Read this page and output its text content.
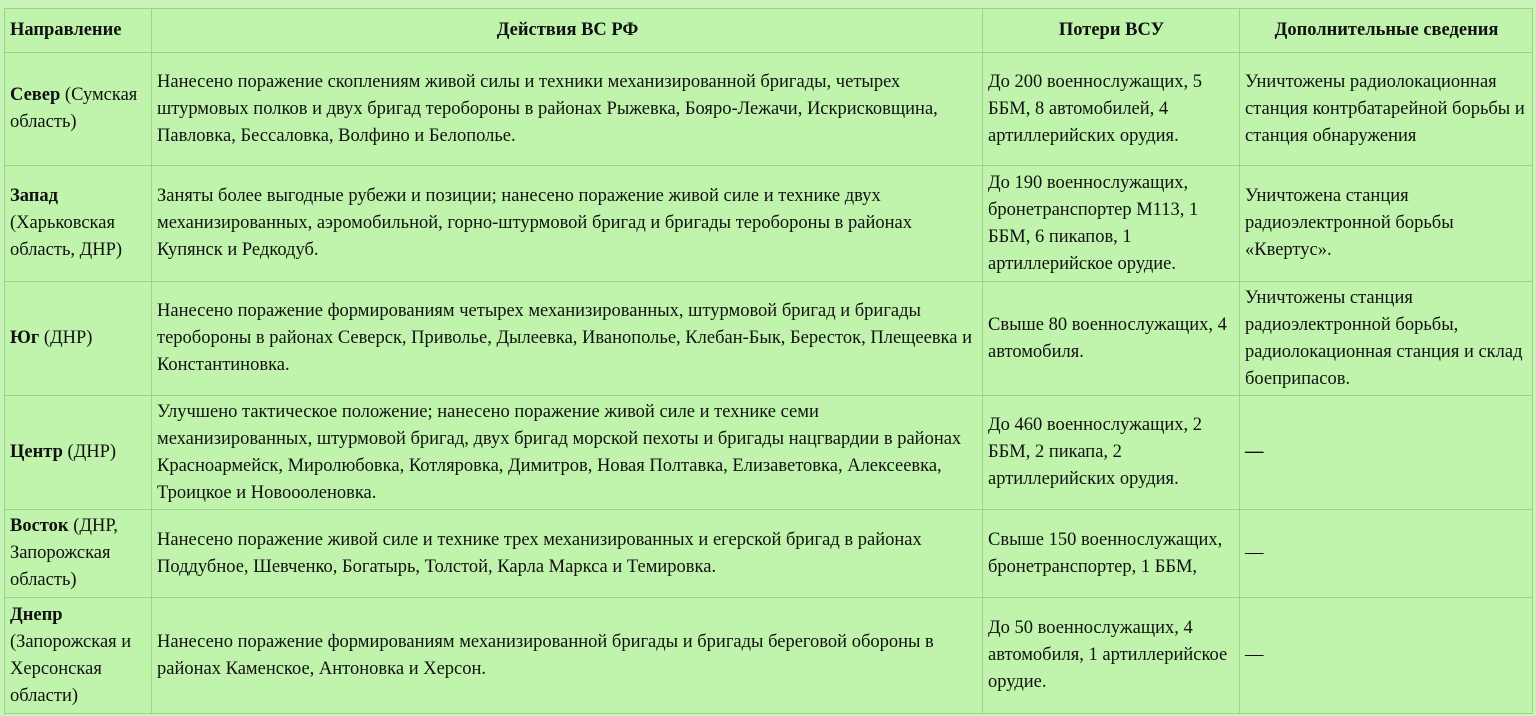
Направление	Действия ВС РФ	Потери ВСУ	Дополнительные сведения
Север (Сумская область)	Нанесено поражение скоплениям живой силы и техники механизированной бригады, четырех штурмовых полков и двух бригад теробороны в районах Рыжевка, Бояро-Лежачи, Искрисковщина, Павловка, Бессаловка, Волфино и Белополье.	До 200 военнослужащих, 5 ББМ, 8 автомобилей, 4 артиллерийских орудия.	Уничтожены радиолокационная станция контрбатарейной борьбы и станция обнаружения
Запад (Харьковская область, ДНР)	Заняты более выгодные рубежи и позиции; нанесено поражение живой силе и технике двух механизированных, аэромобильной, горно-штурмовой бригад и бригады теробороны в районах Купянск и Редкодуб.	До 190 военнослужащих, бронетранспортер М113, 1 ББМ, 6 пикапов, 1 артиллерийское орудие.	Уничтожена станция радиоэлектронной борьбы «Квертус».
Юг (ДНР)	Нанесено поражение формированиям четырех механизированных, штурмовой бригад и бригады теробороны в районах Северск, Приволье, Дылеевка, Иванополье, Клебан-Бык, Бересток, Плещеевка и Константиновка.	Свыше 80 военнослужащих, 4 автомобиля.	Уничтожены станция радиоэлектронной борьбы, радиолокационная станция и склад боеприпасов.
Центр (ДНР)	Улучшено тактическое положение; нанесено поражение живой силе и технике семи механизированных, штурмовой бригад, двух бригад морской пехоты и бригады нацгвардии в районах Красноармейск, Миролюбовка, Котляровка, Димитров, Новая Полтавка, Елизаветовка, Алексеевка, Троицкое и Новоооленовка.	До 460 военнослужащих, 2 ББМ, 2 пикапа, 2 артиллерийских орудия.	—
Восток (ДНР, Запорожская область)	Нанесено поражение живой силе и технике трех механизированных и егерской бригад в районах Поддубное, Шевченко, Богатырь, Толстой, Карла Маркса и Темировка.	Свыше 150 военнослужащих, бронетранспортер, 1 ББМ,	—
Днепр (Запорожская и Херсонская области)	Нанесено поражение формированиям механизированной бригады и бригады береговой обороны в районах Каменское, Антоновка и Херсон.	До 50 военнослужащих, 4 автомобиля, 1 артиллерийское орудие.	—
